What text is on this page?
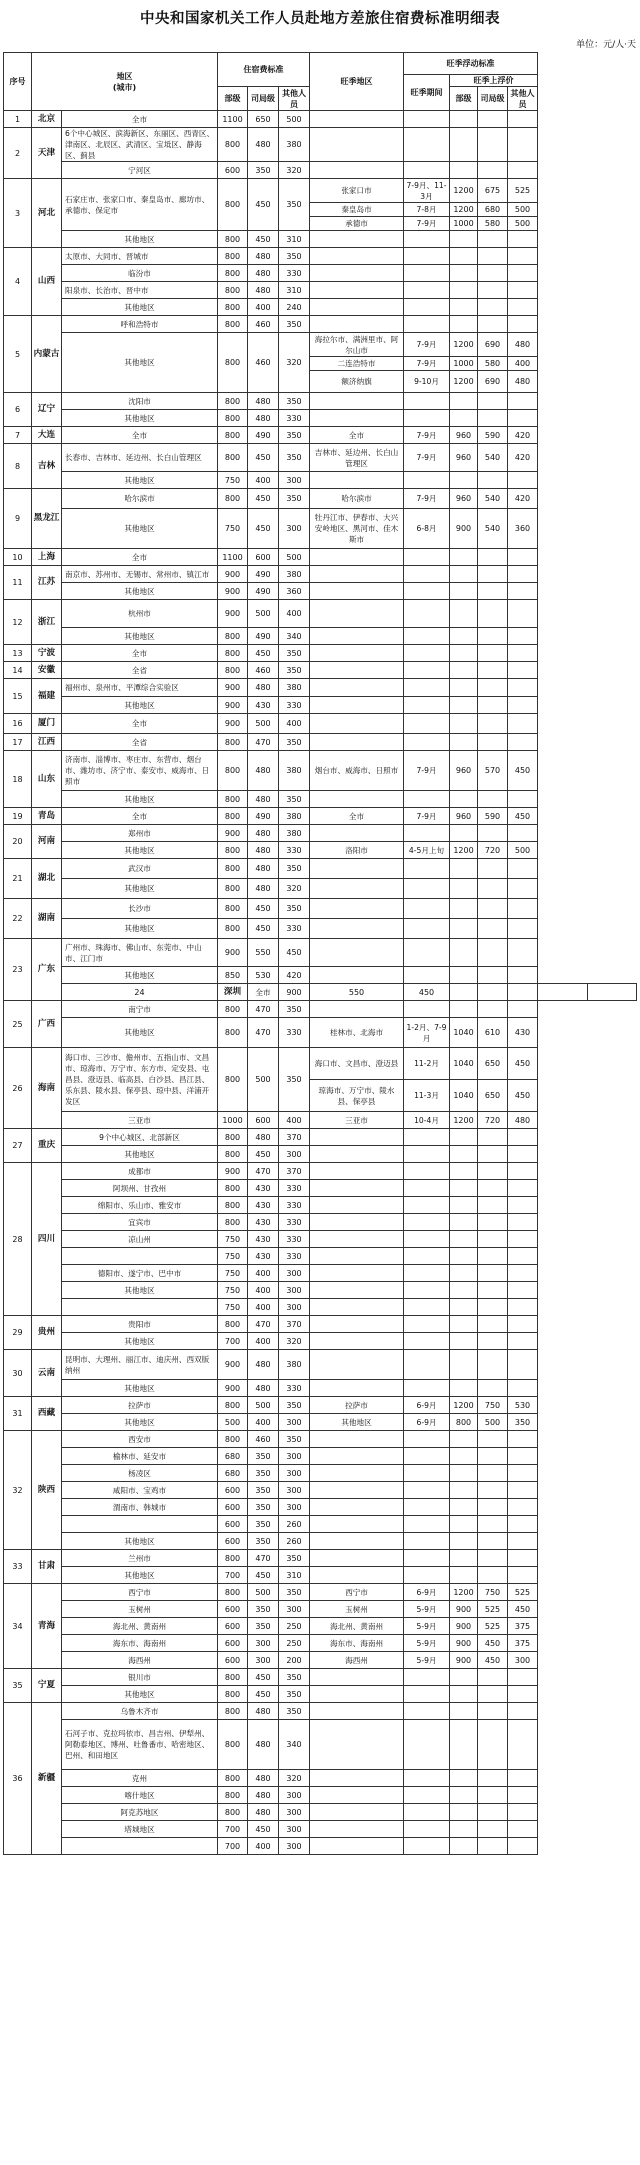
中央和国家机关工作人员赴地方差旅住宿费标准明细表
单位：元/人·天
序号	地区
(城市)		住宿费标准			旺季地区	旺季浮动标准					
							旺季期间	旺季上浮价				
			部级	司局级	其他人员			部级	司局级	其他人员		
1	北京	全市	1100	650	500							
2	天津	6个中心城区、滨海新区、东丽区、西青区、津南区、北辰区、武清区、宝坻区、静海区、蓟县	800	480	380							
		宁河区	600	350	320							
3	河北	石家庄市、张家口市、秦皇岛市、廊坊市、承德市、保定市	800	450	350	张家口市	7-9月、11-3月	1200	675	525		
						秦皇岛市	7-8月	1200	680	500		
						承德市	7-9月	1000	580	500		
		其他地区	800	450	310							
4	山西	太原市、大同市、晋城市	800	480	350							
		临汾市	800	480	330							
		阳泉市、长治市、晋中市	800	480	310							
		其他地区	800	400	240							
5	内蒙古	呼和浩特市	800	460	350							
		其他地区	800	460	320	海拉尔市、满洲里市、阿尔山市	7-9月	1200	690	480		
						二连浩特市	7-9月	1000	580	400		
						额济纳旗	9-10月	1200	690	480		
6	辽宁	沈阳市	800	480	350							
		其他地区	800	480	330							
7	大连	全市	800	490	350	全市	7-9月	960	590	420		
8	吉林	长春市、吉林市、延边州、长白山管理区	800	450	350	吉林市、延边州、长白山管理区	7-9月	960	540	420		
		其他地区	750	400	300							
9	黑龙江	哈尔滨市	800	450	350	哈尔滨市	7-9月	960	540	420		
		其他地区	750	450	300	牡丹江市、伊春市、大兴安岭地区、黑河市、佳木斯市	6-8月	900	540	360		
10	上海	全市	1100	600	500							
11	江苏	南京市、苏州市、无锡市、常州市、镇江市	900	490	380							
		其他地区	900	490	360							
12	浙江	杭州市	900	500	400							
		其他地区	800	490	340							
13	宁波	全市	800	450	350							
14	安徽	全省	800	460	350							
15	福建	福州市、泉州市、平潭综合实验区	900	480	380							
		其他地区	900	430	330							
16	厦门	全市	900	500	400							
17	江西	全省	800	470	350							
18	山东	济南市、淄博市、枣庄市、东营市、烟台市、潍坊市、济宁市、泰安市、威海市、日照市	800	480	380	烟台市、威海市、日照市	7-9月	960	570	450		
		其他地区	800	480	350							
19	青岛	全市	800	490	380	全市	7-9月	960	590	450		
20	河南	郑州市	900	480	380							
		其他地区	800	480	330	洛阳市	4-5月上旬	1200	720	500		
21	湖北	武汉市	800	480	350							
		其他地区	800	480	320							
22	湖南	长沙市	800	450	350							
		其他地区	800	450	330							
23	广东	广州市、珠海市、佛山市、东莞市、中山市、江门市	900	550	450							
		其他地区	850	530	420							
		24	深圳	全市	900	550	450					
25	广西	南宁市	800	470	350							
		其他地区	800	470	330	桂林市、北海市	1-2月、7-9月	1040	610	430		
26	海南	海口市、三沙市、儋州市、五指山市、文昌市、琼海市、万宁市、东方市、定安县、屯昌县、澄迈县、临高县、白沙县、昌江县、乐东县、陵水县、保亭县、琼中县、洋浦开发区	800	500	350	海口市、文昌市、澄迈县	11-2月	1040	650	450		
						琼海市、万宁市、陵水县、保亭县	11-3月	1040	650	450		
		三亚市	1000	600	400	三亚市	10-4月	1200	720	480		
27	重庆	9个中心城区、北部新区	800	480	370							
		其他地区	800	450	300							
28	四川	成都市	900	470	370							
		阿坝州、甘孜州	800	430	330							
		绵阳市、乐山市、雅安市	800	430	330							
		宜宾市	800	430	330							
		凉山州	750	430	330							
			750	430	330							
		德阳市、遂宁市、巴中市	750	400	300							
		其他地区	750	400	300							
			750	400	300							
29	贵州	贵阳市	800	470	370							
		其他地区	700	400	320							
30	云南	昆明市、大理州、丽江市、迪庆州、西双版纳州	900	480	380							
		其他地区	900	480	330							
31	西藏	拉萨市	800	500	350	拉萨市	6-9月	1200	750	530		
		其他地区	500	400	300	其他地区	6-9月	800	500	350		
32	陕西	西安市	800	460	350							
		榆林市、延安市	680	350	300							
		杨凌区	680	350	300							
		咸阳市、宝鸡市	600	350	300							
		渭南市、韩城市	600	350	300							
			600	350	260							
		其他地区	600	350	260							
33	甘肃	兰州市	800	470	350							
		其他地区	700	450	310							
34	青海	西宁市	800	500	350	西宁市	6-9月	1200	750	525		
		玉树州	600	350	300	玉树州	5-9月	900	525	450		
		海北州、黄南州	600	350	250	海北州、黄南州	5-9月	900	525	375		
		海东市、海南州	600	300	250	海东市、海南州	5-9月	900	450	375		
		海西州	600	300	200	海西州	5-9月	900	450	300		
35	宁夏	银川市	800	450	350							
		其他地区	800	450	350							
36	新疆	乌鲁木齐市	800	480	350							
		石河子市、克拉玛依市、昌吉州、伊犁州、阿勒泰地区、博州、吐鲁番市、哈密地区、巴州、和田地区	800	480	340							
		克州	800	480	320							
		喀什地区	800	480	300							
		阿克苏地区	800	480	300							
		塔城地区	700	450	300							
			700	400	300							
